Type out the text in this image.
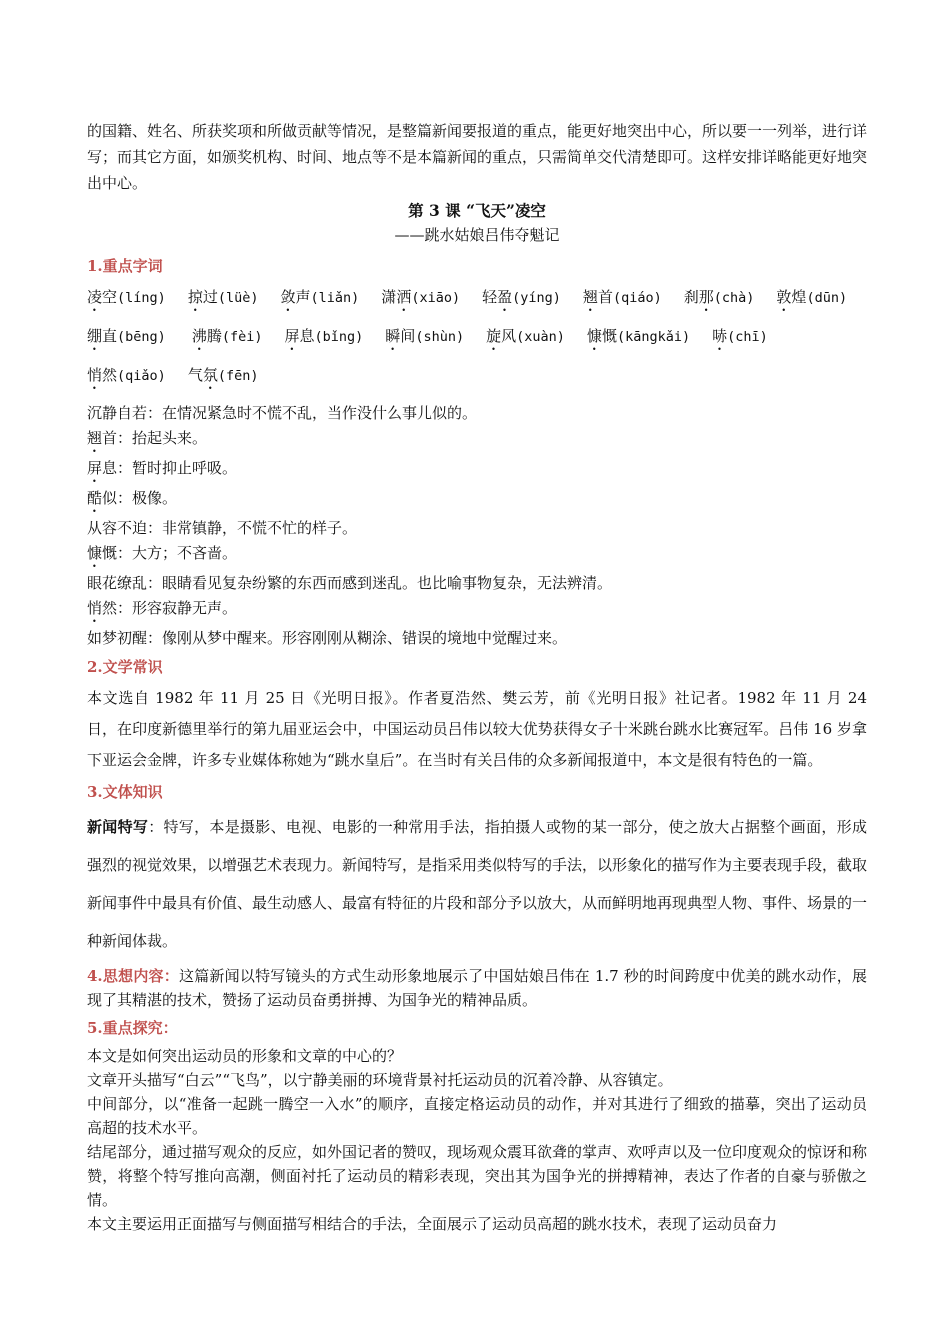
的国籍、姓名、所获奖项和所做贡献等情况，是整篇新闻要报道的重点，能更好地突出中心，所以要一一列举，进行详写；而其它方面，如颁奖机构、时间、地点等不是本篇新闻的重点，只需简单交代清楚即可。这样安排详略能更好地突出中心。

第 3 课 “飞天”凌空
——跳水姑娘吕伟夺魁记
1.重点字词
凌空(líng) 掠过(lüè) 敛声(liǎn) 潇洒(xiāo) 轻盈(yíng) 翘首(qiáo) 刹那(chà) 敦煌(dūn)
绷直(bēng) 沸腾(fèi) 屏息(bǐng) 瞬间(shùn) 旋风(xuàn) 慷慨(kāngkǎi) 哧(chī)
悄然(qiǎo) 气氛(fēn)

沉静自若：在情况紧急时不慌不乱，当作没什么事儿似的。

翘首：抬起头来。

屏息：暂时抑止呼吸。

酷似：极像。

从容不迫：非常镇静，不慌不忙的样子。

慷慨：大方；不吝啬。

眼花缭乱：眼睛看见复杂纷繁的东西而感到迷乱。也比喻事物复杂，无法辨清。

悄然：形容寂静无声。

如梦初醒：像刚从梦中醒来。形容刚刚从糊涂、错误的境地中觉醒过来。

2.文学常识

本文选自 1982 年 11 月 25 日《光明日报》。作者夏浩然、樊云芳，前《光明日报》社记者。1982 年 11 月 24 日，在印度新德里举行的第九届亚运会中，中国运动员吕伟以较大优势获得女子十米跳台跳水比赛冠军。吕伟 16 岁拿下亚运会金牌，许多专业媒体称她为“跳水皇后”。在当时有关吕伟的众多新闻报道中，本文是很有特色的一篇。

3.文体知识

新闻特写：特写，本是摄影、电视、电影的一种常用手法，指拍摄人或物的某一部分，使之放大占据整个画面，形成强烈的视觉效果，以增强艺术表现力。新闻特写，是指采用类似特写的手法，以形象化的描写作为主要表现手段，截取新闻事件中最具有价值、最生动感人、最富有特征的片段和部分予以放大，从而鲜明地再现典型人物、事件、场景的一种新闻体裁。

4.思想内容：这篇新闻以特写镜头的方式生动形象地展示了中国姑娘吕伟在 1.7 秒的时间跨度中优美的跳水动作，展现了其精湛的技术，赞扬了运动员奋勇拼搏、为国争光的精神品质。

5.重点探究：

本文是如何突出运动员的形象和文章的中心的？

文章开头描写“白云”“飞鸟”，以宁静美丽的环境背景衬托运动员的沉着冷静、从容镇定。

中间部分，以“准备一起跳一腾空一入水”的顺序，直接定格运动员的动作，并对其进行了细致的描摹，突出了运动员高超的技术水平。

结尾部分，通过描写观众的反应，如外国记者的赞叹，现场观众震耳欲聋的掌声、欢呼声以及一位印度观众的惊讶和称赞，将整个特写推向高潮，侧面衬托了运动员的精彩表现，突出其为国争光的拼搏精神，表达了作者的自豪与骄傲之情。

本文主要运用正面描写与侧面描写相结合的手法，全面展示了运动员高超的跳水技术，表现了运动员奋力
